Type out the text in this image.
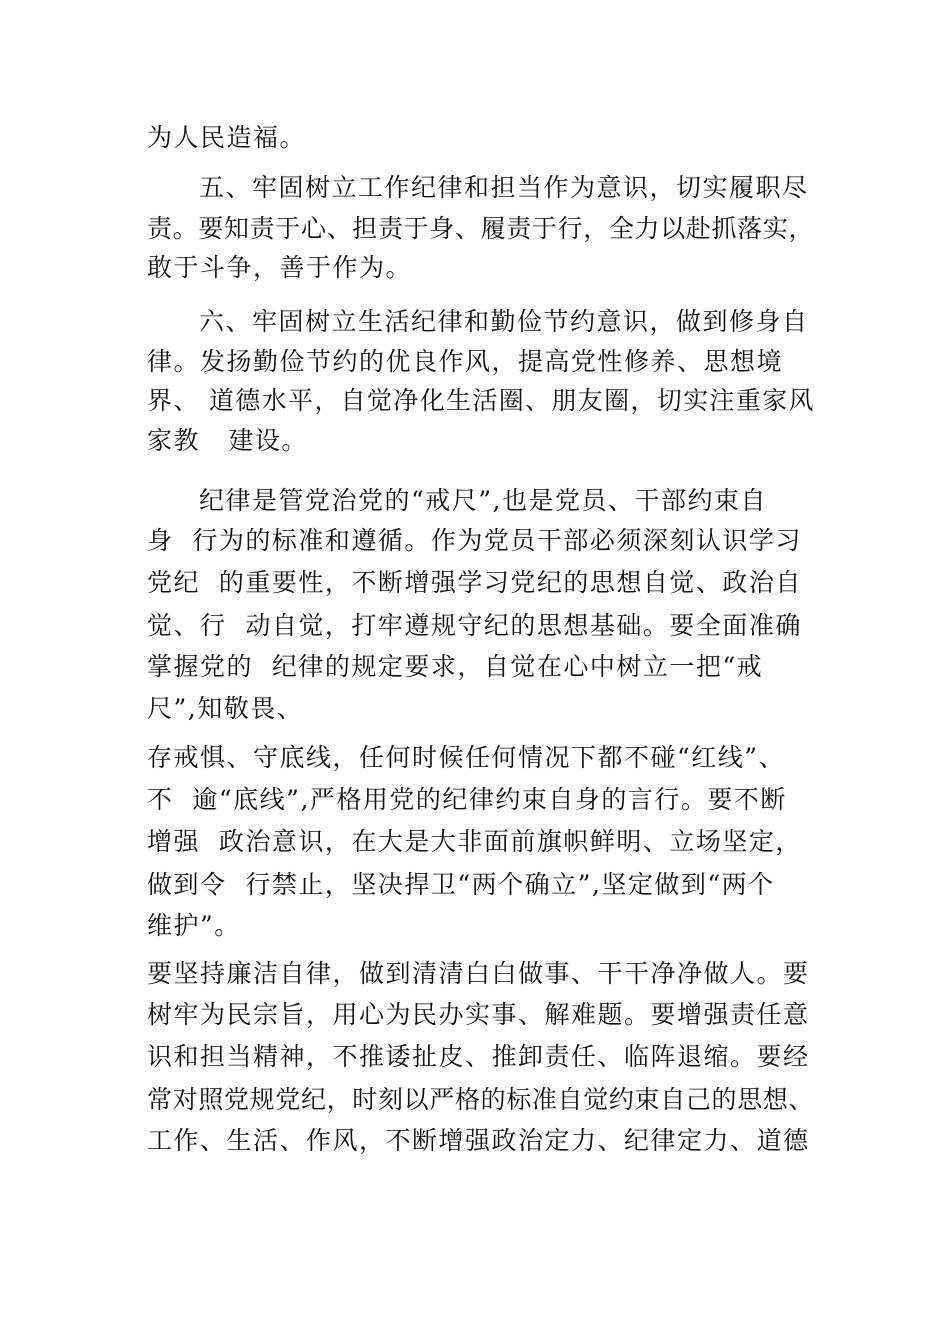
为人民造福。
五、牢固树立工作纪律和担当作为意识，切实履职尽
责。要知责于心、担责于身、履责于行，全力以赴抓落实，
敢于斗争，善于作为。
六、牢固树立生活纪律和勤俭节约意识，做到修身自
律。发扬勤俭节约的优良作风，提高党性修养、思想境
界、 道德水平，自觉净化生活圈、朋友圈，切实注重家风
家教   建设。
纪律是管党治党的“戒尺”,也是党员、干部约束自
身  行为的标准和遵循。作为党员干部必须深刻认识学习
党纪  的重要性，不断增强学习党纪的思想自觉、政治自
觉、行  动自觉，打牢遵规守纪的思想基础。要全面准确
掌握党的  纪律的规定要求，自觉在心中树立一把“戒
尺”,知敬畏、
存戒惧、守底线，任何时候任何情况下都不碰“红线”、
不  逾“底线”,严格用党的纪律约束自身的言行。要不断
增强  政治意识，在大是大非面前旗帜鲜明、立场坚定，
做到令  行禁止，坚决捍卫“两个确立”,坚定做到“两个
维护”。
要坚持廉洁自律，做到清清白白做事、干干净净做人。要
树牢为民宗旨，用心为民办实事、解难题。要增强责任意
识和担当精神，不推诿扯皮、推卸责任、临阵退缩。要经
常对照党规党纪，时刻以严格的标准自觉约束自己的思想、
工作、生活、作风，不断增强政治定力、纪律定力、道德
